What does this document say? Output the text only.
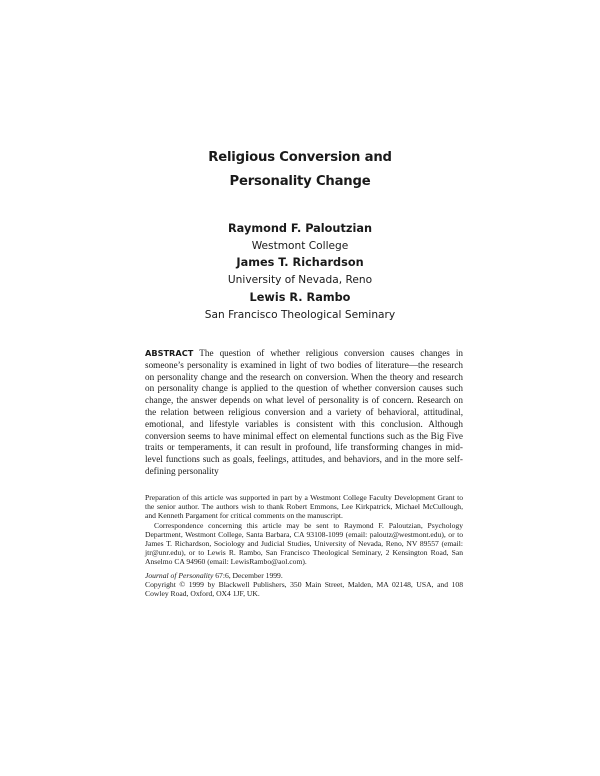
Religious Conversion and
Personality Change
Raymond F. Paloutzian
Westmont College
James T. Richardson
University of Nevada, Reno
Lewis R. Rambo
San Francisco Theological Seminary
ABSTRACT The question of whether religious conversion causes changes in someone’s personality is examined in light of two bodies of literature—the research on personality change and the research on conversion. When the theory and research on personality change is applied to the question of whether conversion causes such change, the answer depends on what level of personality is of concern. Research on the relation between religious conversion and a variety of behavioral, attitudinal, emotional, and lifestyle variables is consistent with this conclusion. Although conversion seems to have minimal effect on elemental functions such as the Big Five traits or temperaments, it can result in profound, life transforming changes in mid-level functions such as goals, feelings, attitudes, and behaviors, and in the more self-defining personality

Preparation of this article was supported in part by a Westmont College Faculty Development Grant to the senior author. The authors wish to thank Robert Emmons, Lee Kirkpatrick, Michael McCullough, and Kenneth Pargament for critical comments on the manuscript.

Correspondence concerning this article may be sent to Raymond F. Paloutzian, Psychology Department, Westmont College, Santa Barbara, CA 93108-1099 (email: paloutz@westmont.edu), or to James T. Richardson, Sociology and Judicial Studies, University of Nevada, Reno, NV 89557 (email: jtr@unr.edu), or to Lewis R. Rambo, San Francisco Theological Seminary, 2 Kensington Road, San Anselmo CA 94960 (email: LewisRambo@aol.com).

Journal of Personality 67:6, December 1999.

Copyright © 1999 by Blackwell Publishers, 350 Main Street, Malden, MA 02148, USA, and 108 Cowley Road, Oxford, OX4 1JF, UK.
